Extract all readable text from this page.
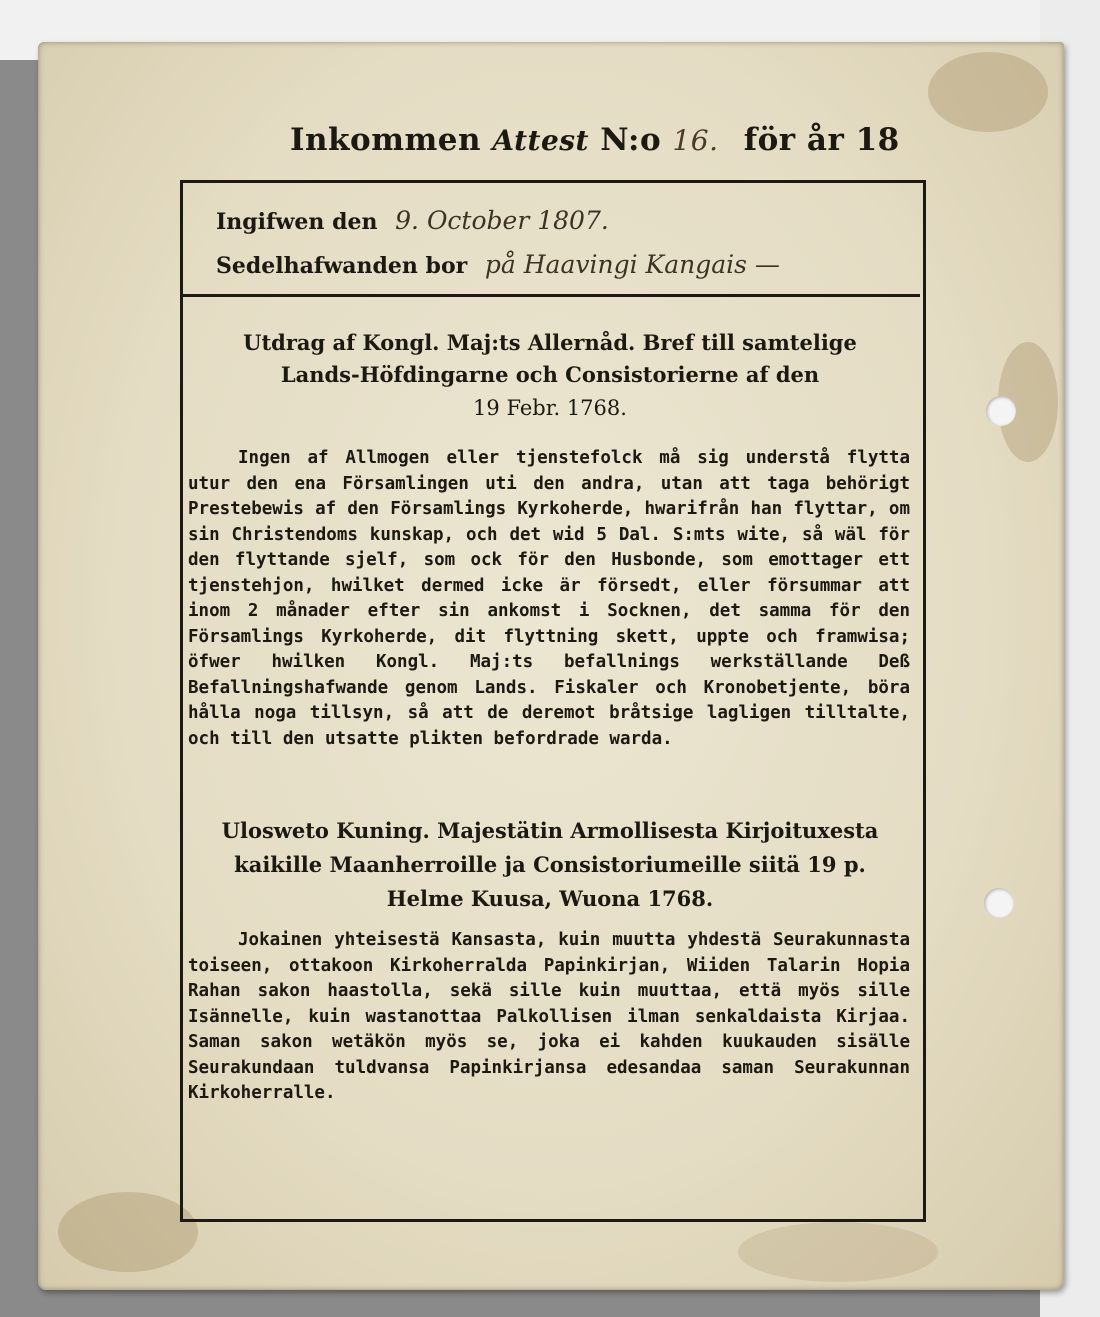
Inkommen Attest N:o 16. för år 18
Ingifwen den 9. October 1807.
Sedelhafwanden bor på Haavingi Kangais —
Utdrag af Kongl. Maj:ts Allernåd. Bref till samtelige
Lands-Höfdingarne och Consistorierne af den
19 Febr. 1768.
Ingen af Allmogen eller tjenstefolck må sig understå flytta utur den ena Församlingen uti den andra, utan att taga behörigt Prestebewis af den Församlings Kyrkoherde, hwarifrån han flyttar, om sin Christendoms kunskap, och det wid 5 Dal. S:mts wite, så wäl för den flyttande sjelf, som ock för den Husbonde, som emottager ett tjenstehjon, hwilket dermed icke är försedt, eller försummar att inom 2 månader efter sin ankomst i Socknen, det samma för den Församlings Kyrkoherde, dit flyttning skett, uppte och framwisa; öfwer hwilken Kongl. Maj:ts befallnings werkställande Deß Befallningshafwande genom Lands. Fiskaler och Kronobetjente, böra hålla noga tillsyn, så att de deremot bråtsige lagligen tilltalte, och till den utsatte plikten befordrade warda.
Ulosweto Kuning. Majestätin Armollisesta Kirjoituxesta
kaikille Maanherroille ja Consistoriumeille siitä 19 p.
Helme Kuusa, Wuona 1768.
Jokainen yhteisestä Kansasta, kuin muutta yhdestä Seurakunnasta toiseen, ottakoon Kirkoherralda Papinkirjan, Wiiden Talarin Hopia Rahan sakon haastolla, sekä sille kuin muuttaa, että myös sille Isännelle, kuin wastanottaa Palkollisen ilman senkaldaista Kirjaa. Saman sakon wetäkön myös se, joka ei kahden kuukauden sisälle Seurakundaan tuldvansa Papinkirjansa edesandaa saman Seurakunnan Kirkoherralle.
